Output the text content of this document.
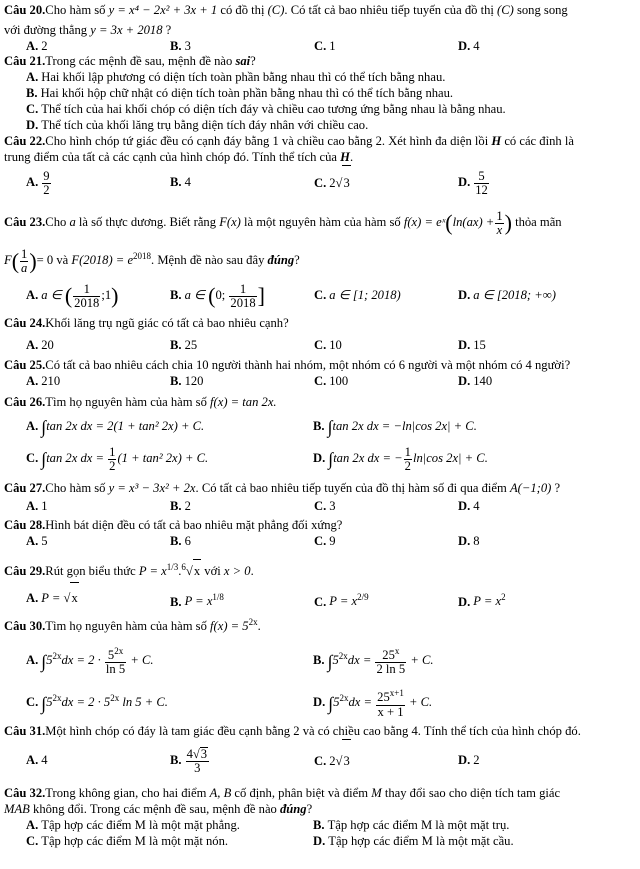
Câu 20.Cho hàm số y = x⁴ − 2x² + 3x + 1 có đồ thị (C). Có tất cả bao nhiêu tiếp tuyến của đồ thị (C) song song
với đường thẳng y = 3x + 2018 ?
A. 2	B. 3	C. 1	D. 4
Câu 21.Trong các mệnh đề sau, mệnh đề nào sai?
A. Hai khối lập phương có diện tích toàn phần bằng nhau thì có thể tích bằng nhau.
B. Hai khối hộp chữ nhật có diện tích toàn phần bằng nhau thì có thể tích bằng nhau.
C. Thể tích của hai khối chóp có diện tích đáy và chiều cao tương ứng bằng nhau là bằng nhau.
D. Thể tích của khối lăng trụ bằng diện tích đáy nhân với chiều cao.
Câu 22.Cho hình chóp tứ giác đều có cạnh đáy bằng 1 và chiều cao bằng 2. Xét hình đa diện lồi H có các đỉnh là
trung điểm của tất cả các cạnh của hình chóp đó. Tính thể tích của H.
A. $\frac{9}{2}$	B. 4	C. 2√3	D. $\frac{5}{12}$
Câu 23.Cho a là số thực dương. Biết rằng F(x) là một nguyên hàm của hàm số f(x) = eˣ(ln(ax) + $\frac{1}{x}$ ) thỏa mãn
$F( \frac{1}{a}$ )= 0 và $F(2018) = e^{2018}$. Mệnh đề nào sau đây đúng?
A. a ∈ ( $\frac{1}{2018}$ ;1)	B. a ∈ (0; $\frac{1}{2018}$ ]	C. a ∈ [1; 2018)	D. a ∈ [2018; +∞)
Câu 24.Khối lăng trụ ngũ giác có tất cả bao nhiêu cạnh?
A. 20	B. 25	C. 10	D. 15
Câu 25.Có tất cả bao nhiêu cách chia 10 người thành hai nhóm, một nhóm có 6 người và một nhóm có 4 người?
A. 210	B. 120	C. 100	D. 140
Câu 26.Tìm họ nguyên hàm của hàm số f(x) = tan 2x.
A. ∫tan 2x dx = 2(1 + tan² 2x) + C.	B. ∫tan 2x dx = −ln|cos 2x| + C.
C. ∫tan 2x dx = $\frac{1}{2} (1 + \tan^2$ 2x) + C.	D. ∫tan 2x dx = − $\frac{1}{2} \ln|\cos$ 2x| + C.
Câu 27.Cho hàm số y = x³ − 3x² + 2x. Có tất cả bao nhiêu tiếp tuyến của đồ thị hàm số đi qua điểm A(−1;0) ?
A. 1	B. 2	C. 3	D. 4
Câu 28.Hình bát diện đều có tất cả bao nhiêu mặt phẳng đối xứng?
A. 5	B. 6	C. 9	D. 8
Câu 29.Rút gọn biểu thức $P = x^{1/3}.^6√x$ với x > 0.
A. P = √x	B. $P = x^{1/8}$	C. $P = x^{2/9}$	D. $P = x^2$
Câu 30.Tìm họ nguyên hàm của hàm số $f(x) = 5^{2x}$.
A. $\int 5^{2x}dx = 2 \cdot \frac{5^{2x}}{\ln 5} + C$.	B. $\int 5^{2x}dx = \frac{25^x}{2 \ln 5} + C$.
C. $\int 5^{2x}dx = 2 \cdot 5^{2x}$ ln 5 + C.	D. $\int 5^{2x}dx = \frac{25^{x+1}}{x + 1} + C$.
Câu 31.Một hình chóp có đáy là tam giác đều cạnh bằng 2 và có chiều cao bằng 4. Tính thể tích của hình chóp đó.
A. 4	B. $\frac{4√3}{3}$	C. 2√3	D. 2
Câu 32.Trong không gian, cho hai điểm A, B cố định, phân biệt và điểm M thay đổi sao cho diện tích tam giác
MAB không đổi. Trong các mệnh đề sau, mệnh đề nào đúng?
A. Tập hợp các điểm M là một mặt phẳng.	B. Tập hợp các điểm M là một mặt trụ.
C. Tập hợp các điểm M là một mặt nón.	D. Tập hợp các điểm M là một mặt cầu.
